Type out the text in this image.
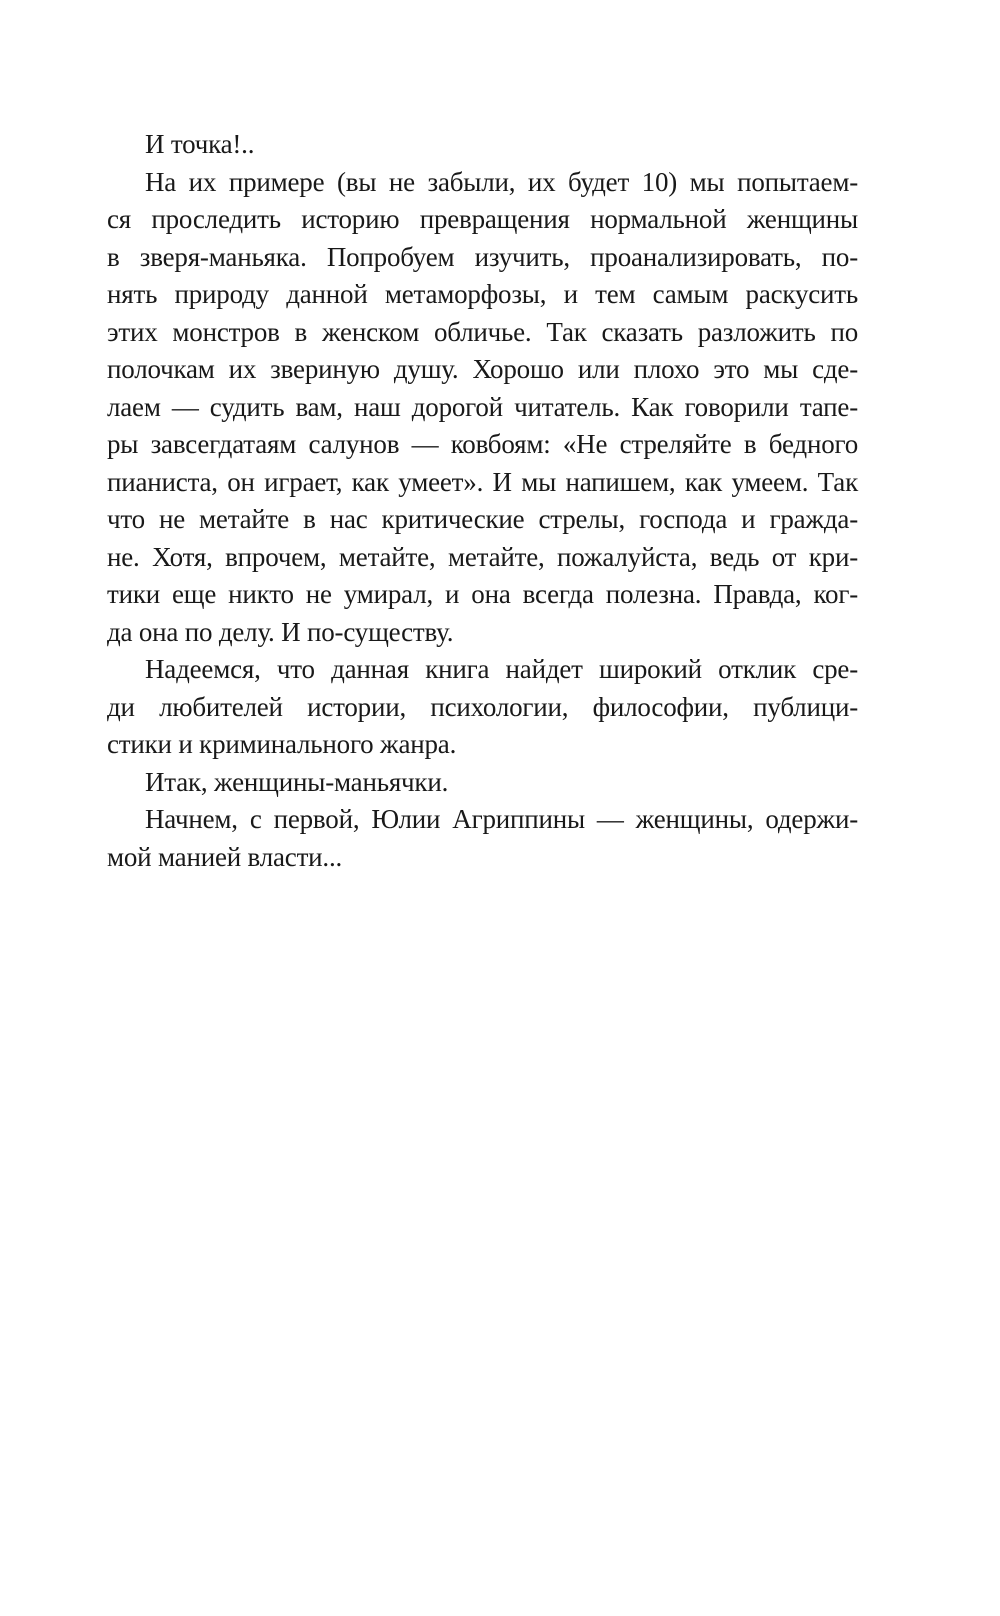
И точка!..

На их примере (вы не забыли, их будет 10) мы попытаем-
ся проследить историю превращения нормальной женщины
в зверя-маньяка. Попробуем изучить, проанализировать, по-
нять природу данной метаморфозы, и тем самым раскусить
этих монстров в женском обличье. Так сказать разложить по
полочкам их звериную душу. Хорошо или плохо это мы сде-
лаем — судить вам, наш дорогой читатель. Как говорили тапе-
ры завсегдатаям салунов — ковбоям: «Не стреляйте в бедного
пианиста, он играет, как умеет». И мы напишем, как умеем. Так
что не метайте в нас критические стрелы, господа и гражда-
не. Хотя, впрочем, метайте, метайте, пожалуйста, ведь от кри-
тики еще никто не умирал, и она всегда полезна. Правда, ког-
да она по делу. И по-существу.

Надеемся, что данная книга найдет широкий отклик сре-
ди любителей истории, психологии, философии, публици-
стики и криминального жанра.

Итак, женщины-маньячки.

Начнем, с первой, Юлии Агриппины — женщины, одержи-
мой манией власти...
